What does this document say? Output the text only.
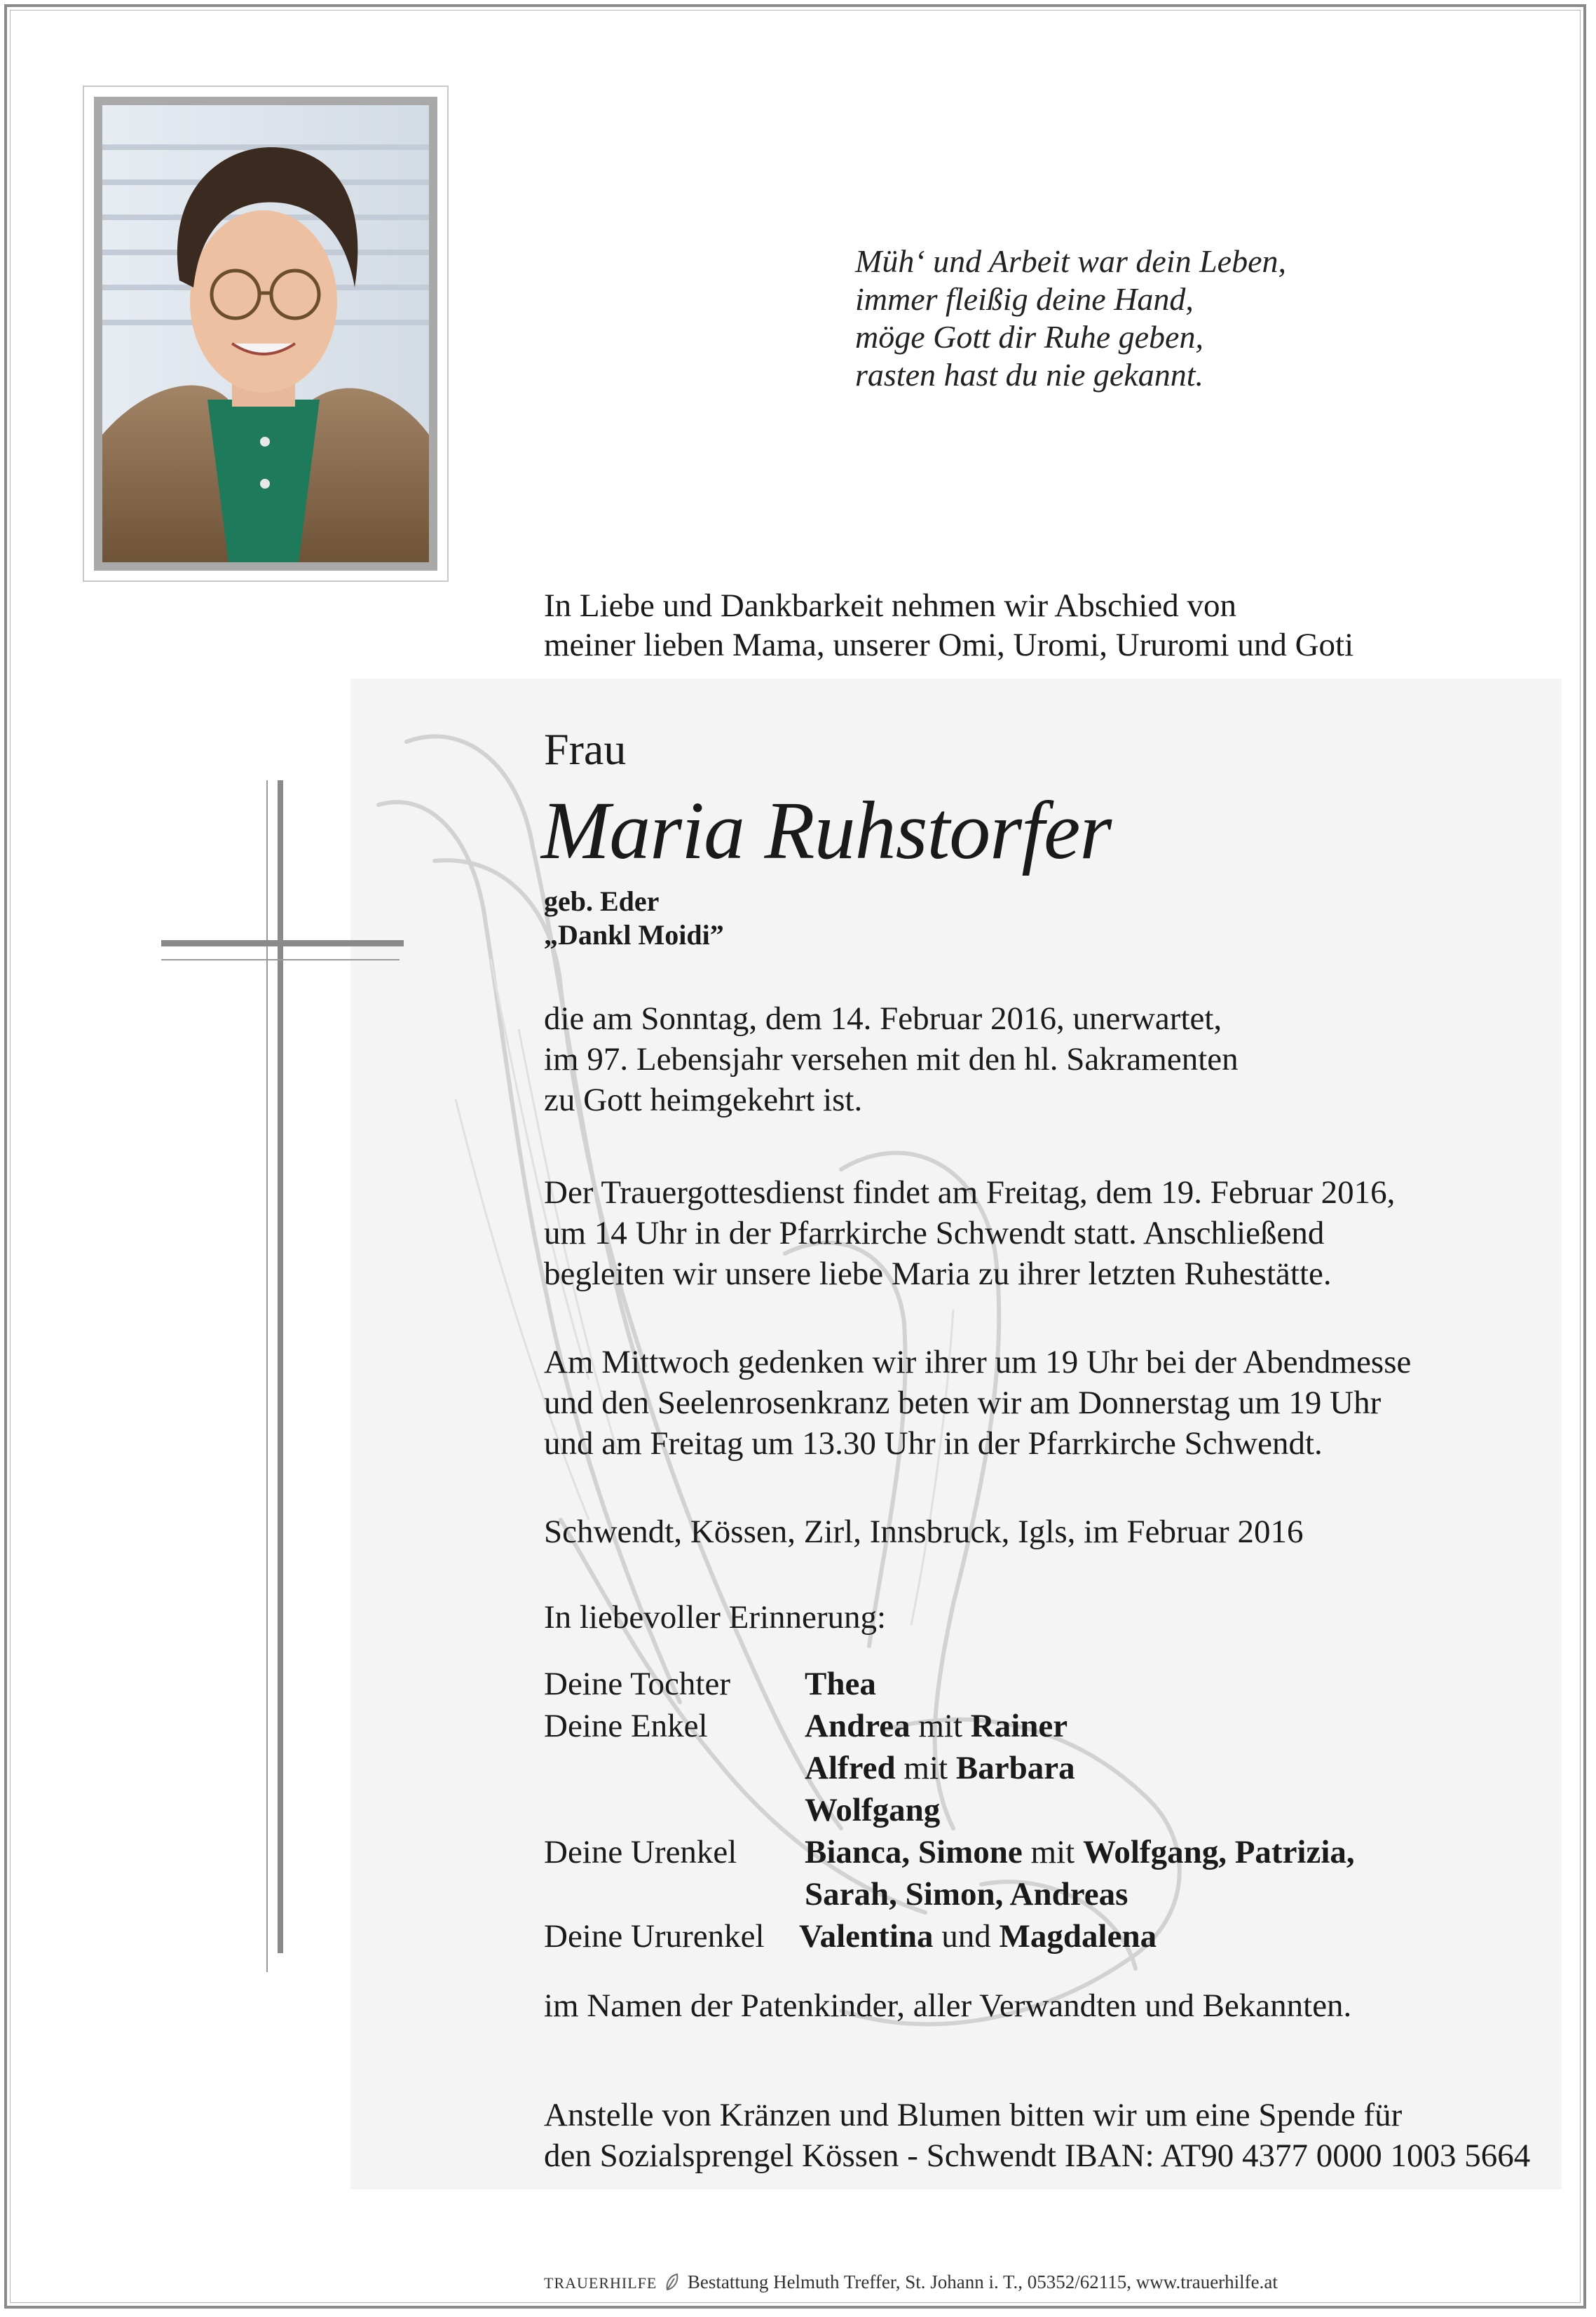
Müh‘ und Arbeit war dein Leben,
immer fleißig deine Hand,
möge Gott dir Ruhe geben,
rasten hast du nie gekannt.
In Liebe und Dankbarkeit nehmen wir Abschied von
meiner lieben Mama, unserer Omi, Uromi, Ururomi und Goti
Frau
Maria Ruhstorfer
geb. Eder
„Dankl Moidi”
die am Sonntag, dem 14. Februar 2016, unerwartet,
im 97. Lebensjahr versehen mit den hl. Sakramenten
zu Gott heimgekehrt ist.
Der Trauergottesdienst findet am Freitag, dem 19. Februar 2016,
um 14 Uhr in der Pfarrkirche Schwendt statt. Anschließend
begleiten wir unsere liebe Maria zu ihrer letzten Ruhestätte.
Am Mittwoch gedenken wir ihrer um 19 Uhr bei der Abendmesse
und den Seelenrosenkranz beten wir am Donnerstag um 19 Uhr
und am Freitag um 13.30 Uhr in der Pfarrkirche Schwendt.
Schwendt, Kössen, Zirl, Innsbruck, Igls, im Februar 2016
In liebevoller Erinnerung:
Deine Tochter Thea
Deine Enkel	Andrea mit Rainer
Alfred mit Barbara
Wolfgang
Deine Urenkel Bianca, Simone mit Wolfgang, Patrizia,
Sarah, Simon, Andreas
Deine Ururenkel Valentina und Magdalena
im Namen der Patenkinder, aller Verwandten und Bekannten.
Anstelle von Kränzen und Blumen bitten wir um eine Spende für
den Sozialsprengel Kössen - Schwendt IBAN: AT90 4377 0000 1003 5664
TRAUERHILFE Bestattung Helmuth Treffer, St. Johann i. T., 05352/62115, www.trauerhilfe.at
